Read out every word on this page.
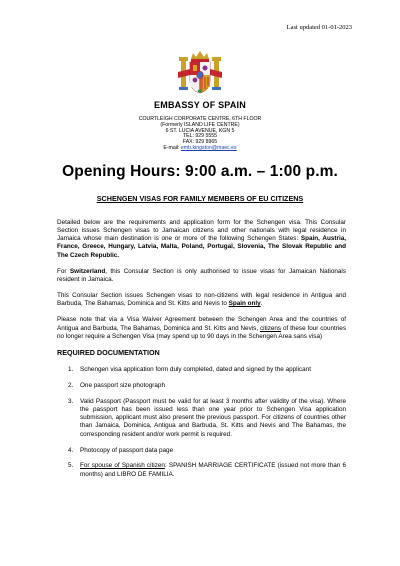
Last updated 01-01-2023
EMBASSY OF SPAIN
COURTLEIGH CORPORATE CENTRE, 6TH FLOOR
(Formerly ISLAND LIFE CENTRE)
6 ST. LUCIA AVENUE, KGN 5
TEL: 929 5555
FAX: 929 8965
E-mail: emb.kingston@maec.es
Opening Hours: 9:00 a.m. – 1:00 p.m.
SCHENGEN VISAS FOR FAMILY MEMBERS OF EU CITIZENS

Detailed below are the requirements and application form for the Schengen visa. This Consular Section issues Schengen visas to Jamaican citizens and other nationals with legal residence in Jamaica whose main destination is one or more of the following Schengen States: Spain, Austria, France, Greece, Hungary, Latvia, Malta, Poland, Portugal, Slovenia, The Slovak Republic and The Czech Republic.

For Switzerland, this Consular Section is only authorised to issue visas for Jamaican Nationals resident in Jamaica.

This Consular Section issues Schengen visas to non-citizens with legal residence in Antigua and Barbuda, The Bahamas, Dominica and St. Kitts and Nevis to Spain only.

Please note that via a Visa Waiver Agreement between the Schengen Area and the countries of Antigua and Barbuda, The Bahamas, Dominica and St. Kitts and Nevis, citizens of these four countries no longer require a Schengen Visa (may spend up to 90 days in the Schengen Area sans visa)

REQUIRED DOCUMENTATION
1. Schengen visa application form duly completed, dated and signed by the applicant
2. One passport size photograph
3. Valid Passport (Passport must be valid for at least 3 months after validity of the visa). Where the passport has been issued less than one year prior to Schengen Visa application submission, applicant must also present the previous passport. For citizens of countries other than Jamaica, Dominica, Antigua and Barbuda, St. Kitts and Nevis and The Bahamas, the corresponding resident and/or work permit is required.
4. Photocopy of passport data page
5. For spouse of Spanish citizen: SPANISH MARRIAGE CERTIFICATE (issued not more than 6 months) and LIBRO DE FAMILIA.
